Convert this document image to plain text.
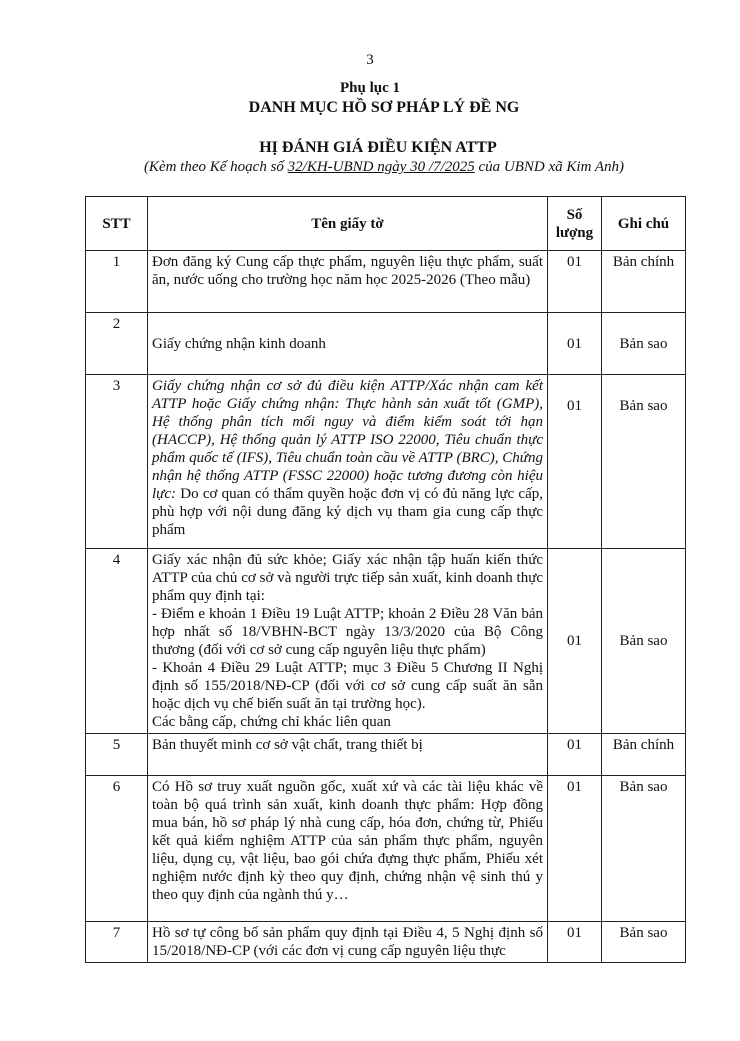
3
Phụ lục 1
DANH MỤC HỒ SƠ PHÁP LÝ ĐỀ NG
HỊ ĐÁNH GIÁ ĐIỀU KIỆN ATTP
(Kèm theo Kế hoạch số 32/KH-UBND ngày 30 /7/2025 của UBND xã Kim Anh)
STT	Tên giấy tờ	Số lượng	Ghi chú
1	Đơn đăng ký Cung cấp thực phẩm, nguyên liệu thực phẩm, suất ăn, nước uống cho trường học năm học 2025-2026 (Theo mẫu)	01	Bản chính
2	Giấy chứng nhận kinh doanh	01	Bản sao
3	Giấy chứng nhận cơ sở đủ điều kiện ATTP/Xác nhận cam kết ATTP hoặc Giấy chứng nhận: Thực hành sản xuất tốt (GMP), Hệ thống phân tích mối nguy và điểm kiểm soát tới hạn (HACCP), Hệ thống quản lý ATTP ISO 22000, Tiêu chuẩn thực phẩm quốc tế (IFS), Tiêu chuẩn toàn cầu về ATTP (BRC), Chứng nhận hệ thống ATTP (FSSC 22000) hoặc tương đương còn hiệu lực: Do cơ quan có thẩm quyền hoặc đơn vị có đủ năng lực cấp, phù hợp với nội dung đăng ký dịch vụ tham gia cung cấp thực phẩm	01	Bản sao
4	Giấy xác nhận đủ sức khỏe; Giấy xác nhận tập huấn kiến thức ATTP của chủ cơ sở và người trực tiếp sản xuất, kinh doanh thực phẩm quy định tại:
- Điểm e khoản 1 Điều 19 Luật ATTP; khoản 2 Điều 28 Văn bản hợp nhất số 18/VBHN-BCT ngày 13/3/2020 của Bộ Công thương (đối với cơ sở cung cấp nguyên liệu thực phẩm)
- Khoản 4 Điều 29 Luật ATTP; mục 3 Điều 5 Chương II Nghị định số 155/2018/NĐ-CP (đối với cơ sở cung cấp suất ăn sẵn hoặc dịch vụ chế biến suất ăn tại trường học).
Các bằng cấp, chứng chỉ khác liên quan	01	Bản sao
5	Bản thuyết minh cơ sở vật chất, trang thiết bị	01	Bản chính
6	Có Hồ sơ truy xuất nguồn gốc, xuất xứ và các tài liệu khác về toàn bộ quá trình sản xuất, kinh doanh thực phẩm: Hợp đồng mua bán, hồ sơ pháp lý nhà cung cấp, hóa đơn, chứng từ, Phiếu kết quả kiểm nghiệm ATTP của sản phẩm thực phẩm, nguyên liệu, dụng cụ, vật liệu, bao gói chứa đựng thực phẩm, Phiếu xét nghiệm nước định kỳ theo quy định, chứng nhận vệ sinh thú y theo quy định của ngành thú y…	01	Bản sao
7	Hồ sơ tự công bố sản phẩm quy định tại Điều 4, 5 Nghị định số 15/2018/NĐ-CP (với các đơn vị cung cấp nguyên liệu thực	01	Bản sao
